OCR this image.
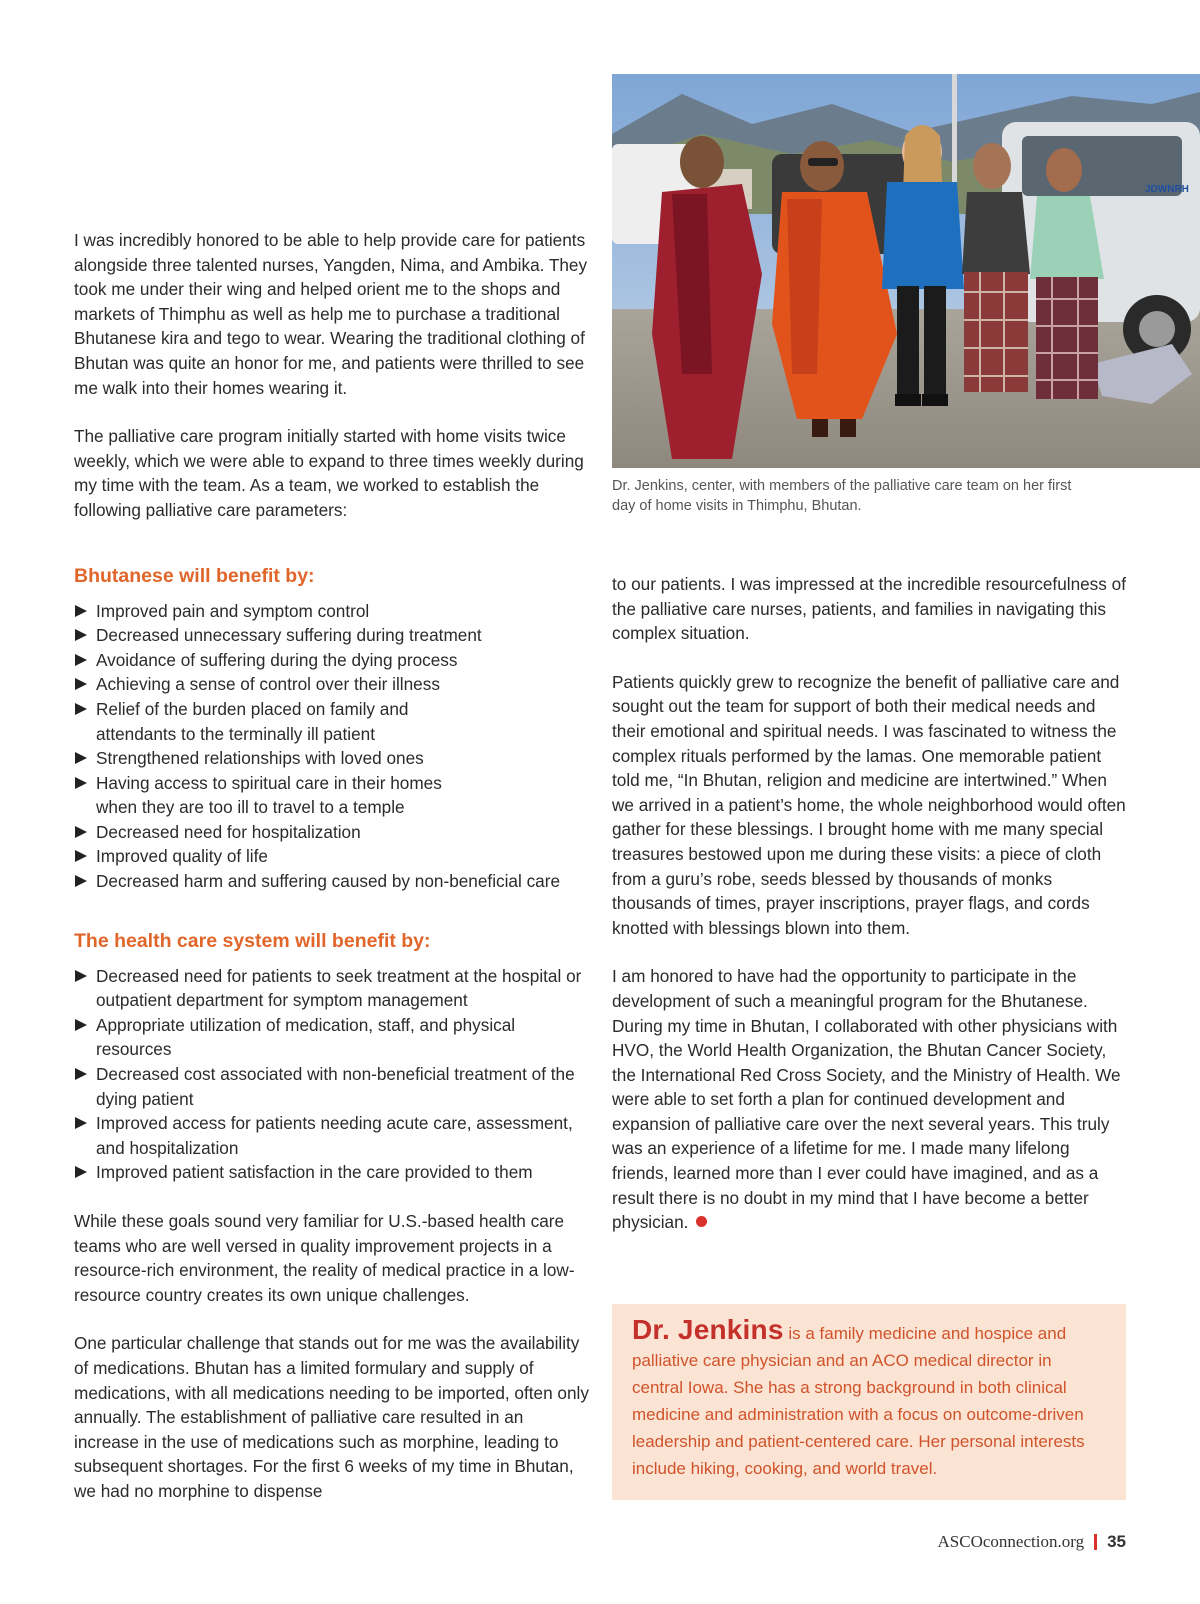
I was incredibly honored to be able to help provide care for patients alongside three talented nurses, Yangden, Nima, and Ambika. They took me under their wing and helped orient me to the shops and markets of Thimphu as well as help me to purchase a traditional Bhutanese kira and tego to wear. Wearing the traditional clothing of Bhutan was quite an honor for me, and patients were thrilled to see me walk into their homes wearing it.

The palliative care program initially started with home visits twice weekly, which we were able to expand to three times weekly during my time with the team. As a team, we worked to establish the following palliative care parameters:

Bhutanese will benefit by:
Improved pain and symptom control
Decreased unnecessary suffering during treatment
Avoidance of suffering during the dying process
Achieving a sense of control over their illness
Relief of the burden placed on family and attendants to the terminally ill patient
Strengthened relationships with loved ones
Having access to spiritual care in their homes when they are too ill to travel to a temple
Decreased need for hospitalization
Improved quality of life
Decreased harm and suffering caused by non-beneficial care
The health care system will benefit by:
Decreased need for patients to seek treatment at the hospital or outpatient department for symptom management
Appropriate utilization of medication, staff, and physical resources
Decreased cost associated with non-beneficial treatment of the dying patient
Improved access for patients needing acute care, assessment, and hospitalization
Improved patient satisfaction in the care provided to them

While these goals sound very familiar for U.S.-based health care teams who are well versed in quality improvement projects in a resource-rich environment, the reality of medical practice in a low-resource country creates its own unique challenges.

One particular challenge that stands out for me was the availability of medications. Bhutan has a limited formulary and supply of medications, with all medications needing to be imported, often only annually. The establishment of palliative care resulted in an increase in the use of medications such as morphine, leading to subsequent shortages. For the first 6 weeks of my time in Bhutan, we had no morphine to dispense

JDWNRH
Dr. Jenkins, center, with members of the palliative care team on her first day of home visits in Thimphu, Bhutan.

to our patients. I was impressed at the incredible resourcefulness of the palliative care nurses, patients, and families in navigating this complex situation.

Patients quickly grew to recognize the benefit of palliative care and sought out the team for support of both their medical needs and their emotional and spiritual needs. I was fascinated to witness the complex rituals performed by the lamas. One memorable patient told me, “In Bhutan, religion and medicine are intertwined.” When we arrived in a patient’s home, the whole neighborhood would often gather for these blessings. I brought home with me many special treasures bestowed upon me during these visits: a piece of cloth from a guru’s robe, seeds blessed by thousands of monks thousands of times, prayer inscriptions, prayer flags, and cords knotted with blessings blown into them.

I am honored to have had the opportunity to participate in the development of such a meaningful program for the Bhutanese. During my time in Bhutan, I collaborated with other physicians with HVO, the World Health Organization, the Bhutan Cancer Society, the International Red Cross Society, and the Ministry of Health. We were able to set forth a plan for continued development and expansion of palliative care over the next several years. This truly was an experience of a lifetime for me. I made many lifelong friends, learned more than I ever could have imagined, and as a result there is no doubt in my mind that I have become a better physician.

Dr. Jenkins is a family medicine and hospice and palliative care physician and an ACO medical director in central Iowa. She has a strong background in both clinical medicine and administration with a focus on outcome-driven leadership and patient-centered care. Her personal interests include hiking, cooking, and world travel.

ASCOconnection.org 35
